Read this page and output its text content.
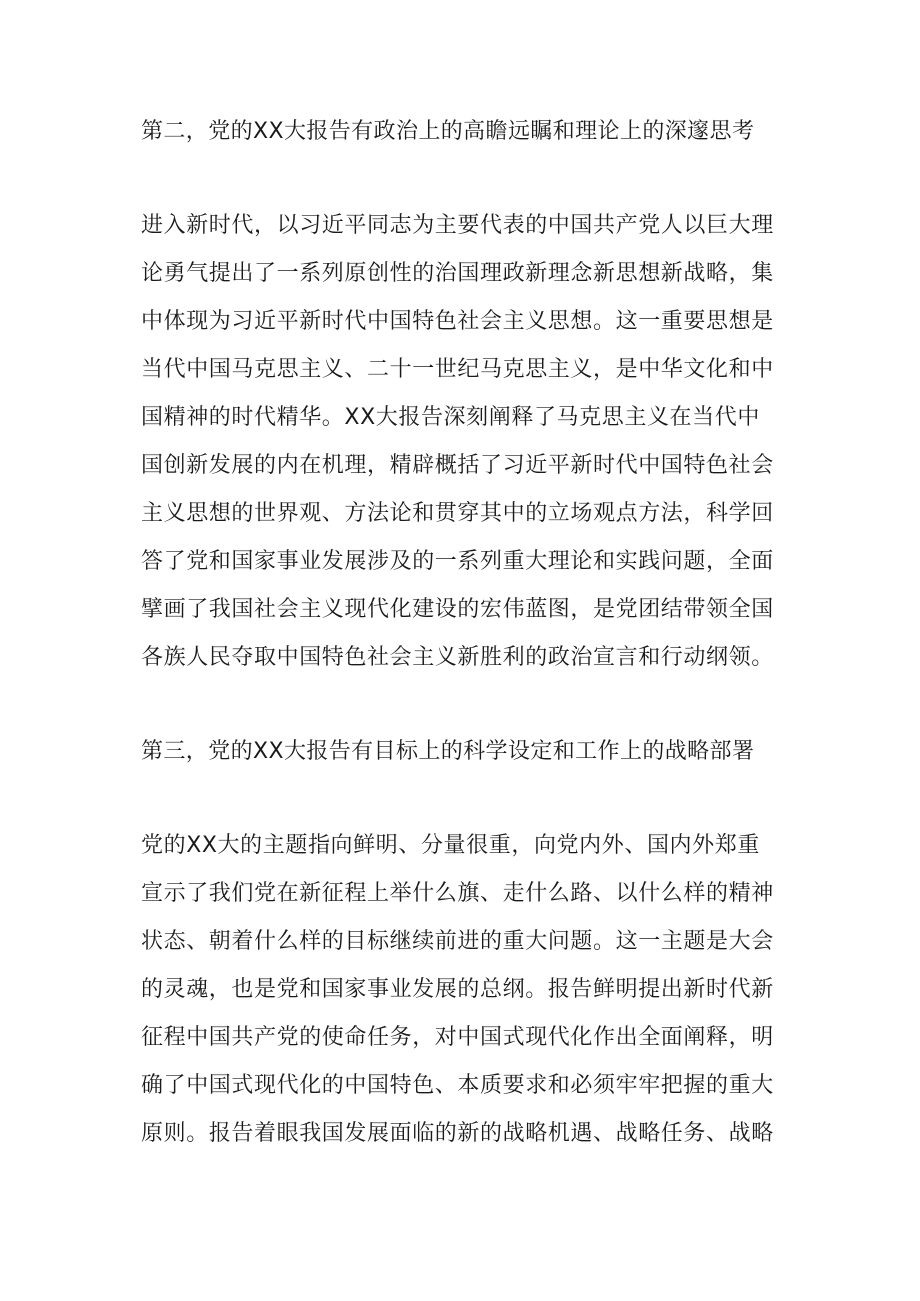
第二，党的XX大报告有政治上的高瞻远瞩和理论上的深邃思考
进入新时代，以习近平同志为主要代表的中国共产党人以巨大理
论勇气提出了一系列原创性的治国理政新理念新思想新战略，集
中体现为习近平新时代中国特色社会主义思想。这一重要思想是
当代中国马克思主义、二十一世纪马克思主义，是中华文化和中
国精神的时代精华。XX大报告深刻阐释了马克思主义在当代中
国创新发展的内在机理，精辟概括了习近平新时代中国特色社会
主义思想的世界观、方法论和贯穿其中的立场观点方法，科学回
答了党和国家事业发展涉及的一系列重大理论和实践问题，全面
擘画了我国社会主义现代化建设的宏伟蓝图，是党团结带领全国
各族人民夺取中国特色社会主义新胜利的政治宣言和行动纲领。
第三，党的XX大报告有目标上的科学设定和工作上的战略部署
党的XX大的主题指向鲜明、分量很重，向党内外、国内外郑重
宣示了我们党在新征程上举什么旗、走什么路、以什么样的精神
状态、朝着什么样的目标继续前进的重大问题。这一主题是大会
的灵魂，也是党和国家事业发展的总纲。报告鲜明提出新时代新
征程中国共产党的使命任务，对中国式现代化作出全面阐释，明
确了中国式现代化的中国特色、本质要求和必须牢牢把握的重大
原则。报告着眼我国发展面临的新的战略机遇、战略任务、战略
